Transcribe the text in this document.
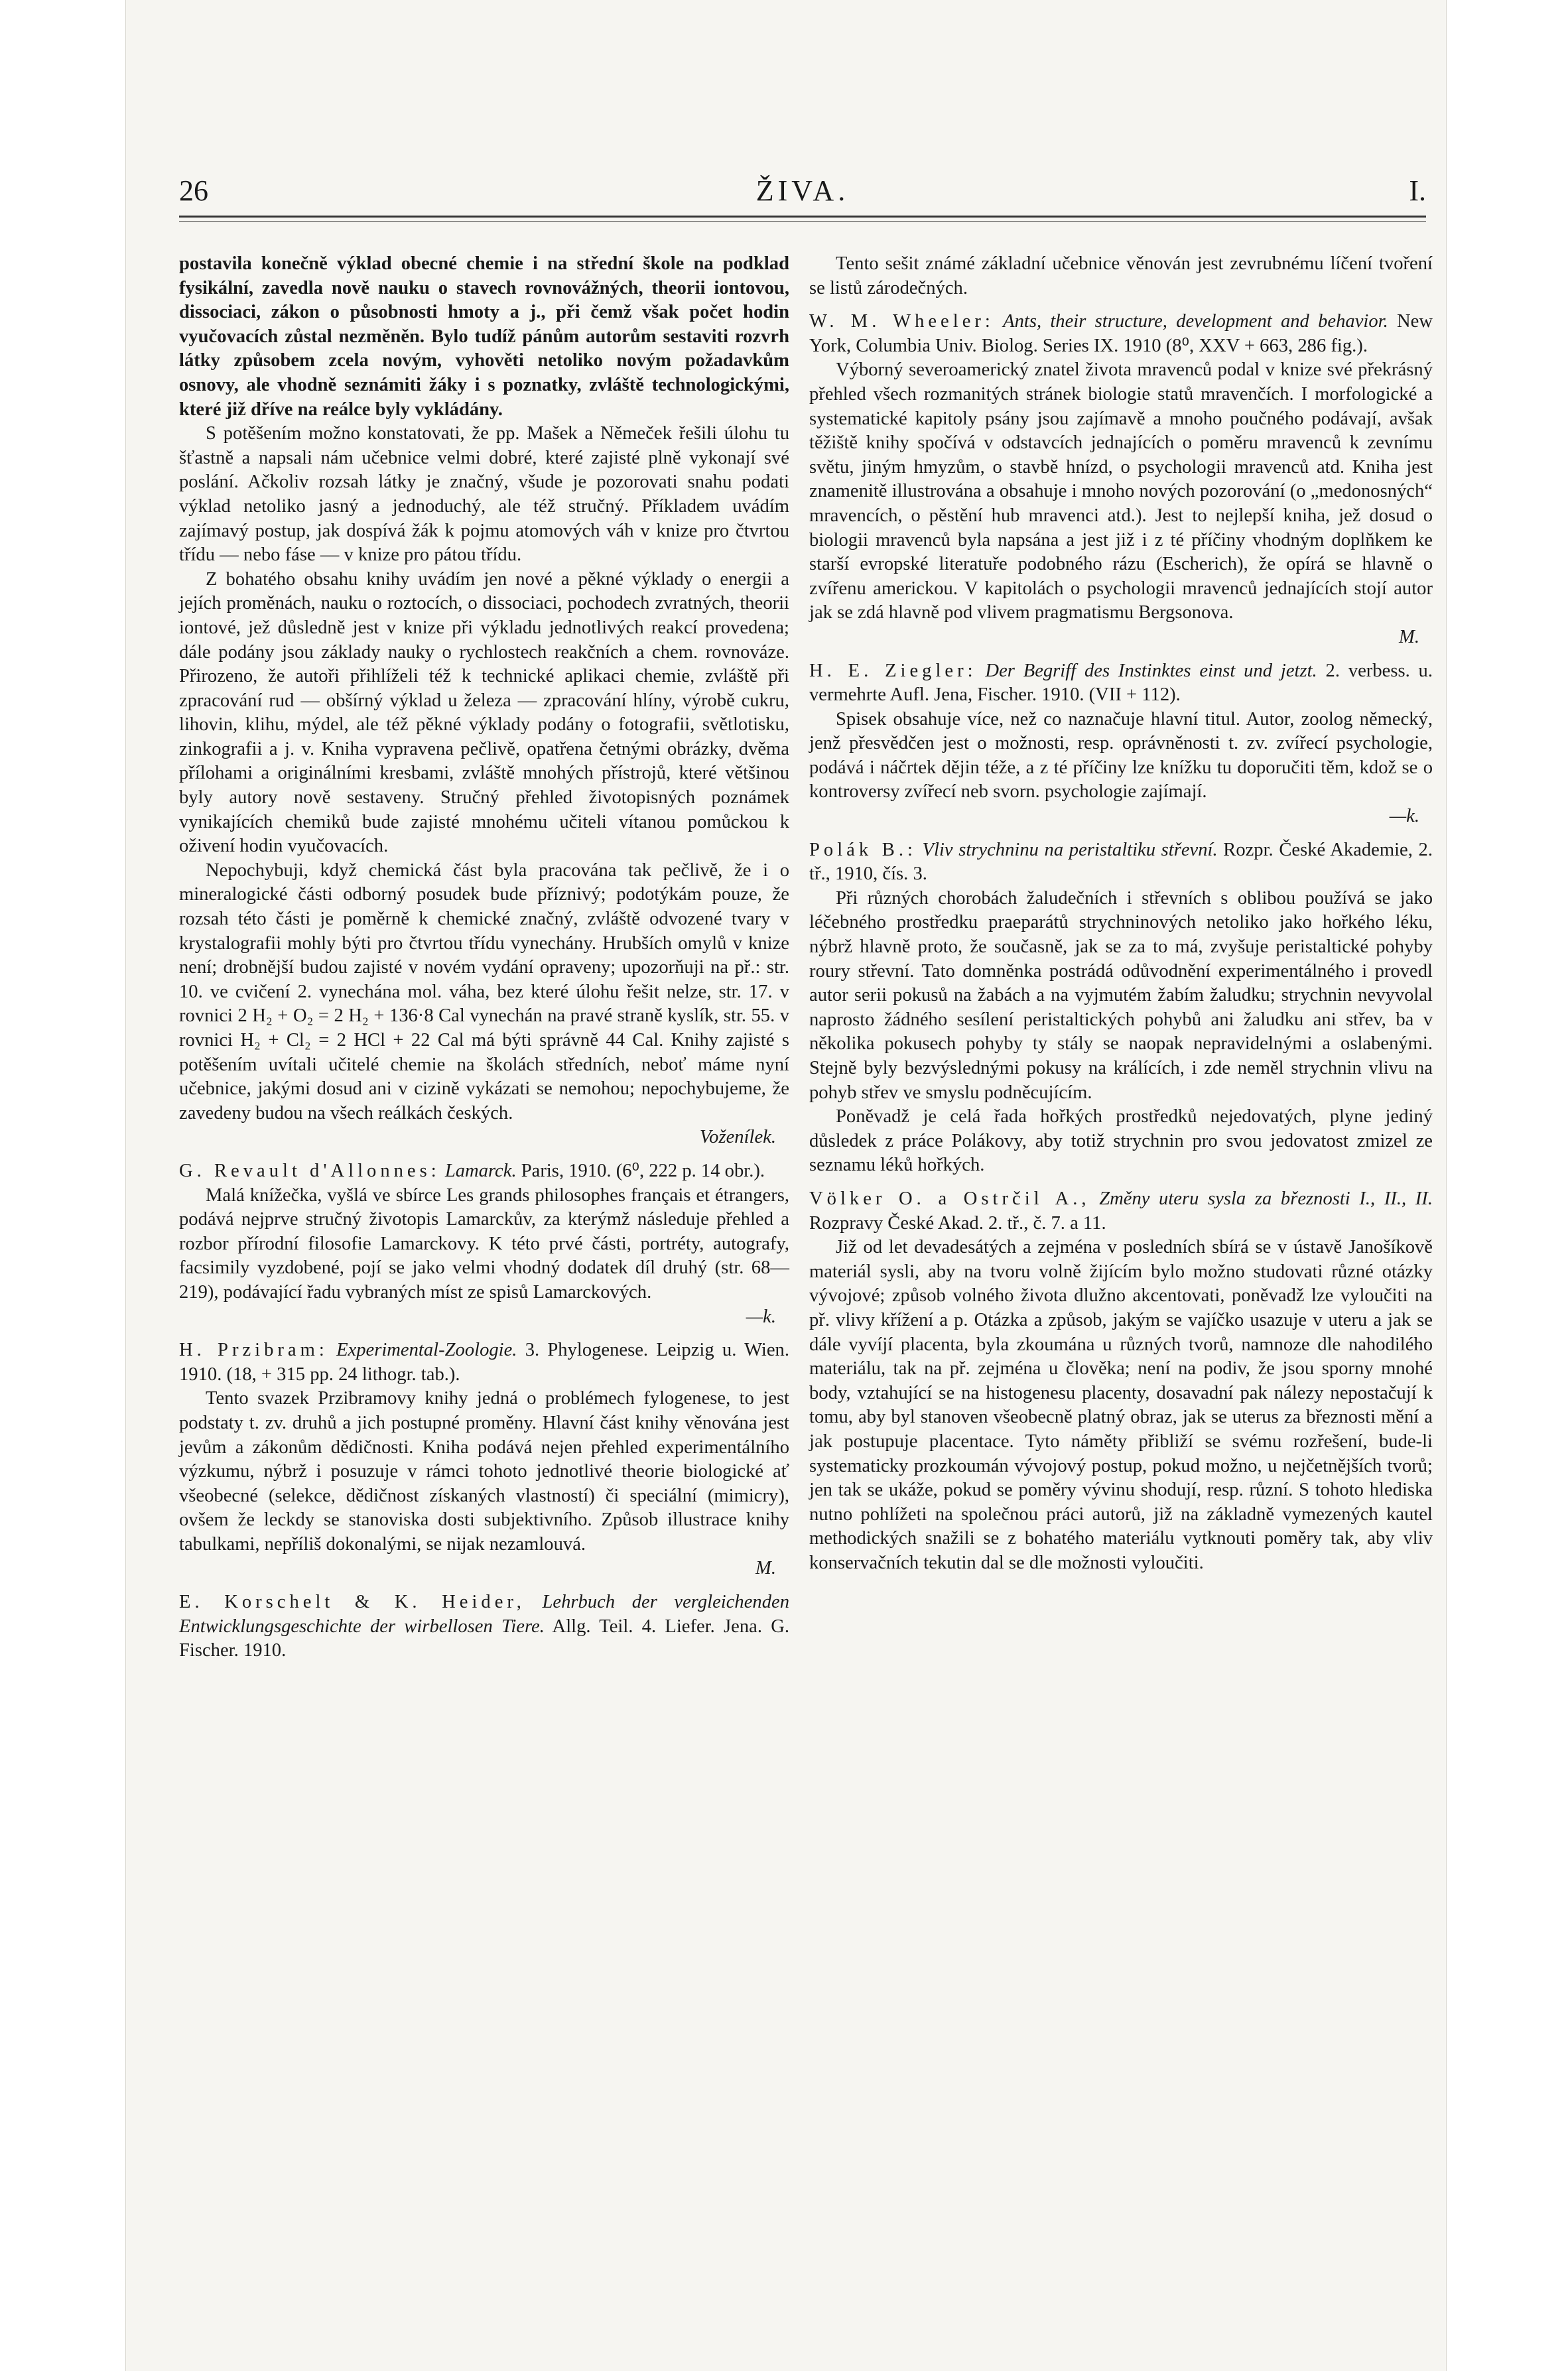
26	ŽIVA.	I.

postavila konečně výklad obecné chemie i na střední škole na podklad fysikální, zavedla nově nauku o stavech rovnovážných, theorii iontovou, dissociaci, zákon o působnosti hmoty a j., při čemž však počet hodin vyučovacích zůstal nezměněn. Bylo tudíž pánům autorům sestaviti rozvrh látky způsobem zcela novým, vyhověti netoliko novým požadavkům osnovy, ale vhodně seznámiti žáky i s poznatky, zvláště technologickými, které již dříve na reálce byly vykládány.

S potěšením možno konstatovati, že pp. Mašek a Němeček řešili úlohu tu šťastně a napsali nám učebnice velmi dobré, které zajisté plně vykonají své poslání. Ačkoliv rozsah látky je značný, všude je pozorovati snahu podati výklad netoliko jasný a jednoduchý, ale též stručný. Příkladem uvádím zajímavý postup, jak dospívá žák k pojmu atomových váh v knize pro čtvrtou třídu — nebo fáse — v knize pro pátou třídu.

Z bohatého obsahu knihy uvádím jen nové a pěkné výklady o energii a jejích proměnách, nauku o roztocích, o dissociaci, pochodech zvratných, theorii iontové, jež důsledně jest v knize při výkladu jednotlivých reakcí provedena; dále podány jsou základy nauky o rychlostech reakčních a chem. rovnováze. Přirozeno, že autoři přihlíželi též k technické aplikaci chemie, zvláště při zpracování rud — obšírný výklad u železa — zpracování hlíny, výrobě cukru, lihovin, klihu, mýdel, ale též pěkné výklady podány o fotografii, světlotisku, zinkografii a j. v. Kniha vypravena pečlivě, opatřena četnými obrázky, dvěma přílohami a originálními kresbami, zvláště mnohých přístrojů, které většinou byly autory nově sestaveny. Stručný přehled životopisných poznámek vynikajících chemiků bude zajisté mnohému učiteli vítanou pomůckou k oživení hodin vyučovacích.

Nepochybuji, když chemická část byla pracována tak pečlivě, že i o mineralogické části odborný posudek bude příznivý; podotýkám pouze, že rozsah této části je poměrně k chemické značný, zvláště odvozené tvary v krystalografii mohly býti pro čtvrtou třídu vynechány. Hrubších omylů v knize není; drobnější budou zajisté v novém vydání opraveny; upozorňuji na př.: str. 10. ve cvičení 2. vynechána mol. váha, bez které úlohu řešit nelze, str. 17. v rovnici 2 H₂ + O₂ = 2 H₂ + 136·8 Cal vynechán na pravé straně kyslík, str. 55. v rovnici H₂ + Cl₂ = 2 HCl + 22 Cal má býti správně 44 Cal. Knihy zajisté s potěšením uvítali učitelé chemie na školách středních, neboť máme nyní učebnice, jakými dosud ani v cizině vykázati se nemohou; nepochybujeme, že zavedeny budou na všech reálkách českých.

Voženílek.

G. Revault d'Allonnes: Lamarck. Paris, 1910. (6⁰, 222 p. 14 obr.).

Malá knížečka, vyšlá ve sbírce Les grands philosophes français et étrangers, podává nejprve stručný životopis Lamarckův, za kterýmž následuje přehled a rozbor přírodní filosofie Lamarckovy. K této prvé části, portréty, autografy, facsimily vyzdobené, pojí se jako velmi vhodný dodatek díl druhý (str. 68—219), podávající řadu vybraných míst ze spisů Lamarckových.

—k.

H. Przibram: Experimental-Zoologie. 3. Phylogenese. Leipzig u. Wien. 1910. (18, + 315 pp. 24 lithogr. tab.).

Tento svazek Przibramovy knihy jedná o problémech fylogenese, to jest podstaty t. zv. druhů a jich postupné proměny. Hlavní část knihy věnována jest jevům a zákonům dědičnosti. Kniha podává nejen přehled experimentálního výzkumu, nýbrž i posuzuje v rámci tohoto jednotlivé theorie biologické ať všeobecné (selekce, dědičnost získaných vlastností) či speciální (mimicry), ovšem že leckdy se stanoviska dosti subjektivního. Způsob illustrace knihy tabulkami, nepříliš dokonalými, se nijak nezamlouvá.

M.

E. Korschelt & K. Heider, Lehrbuch der vergleichenden Entwicklungsgeschichte der wirbellosen Tiere. Allg. Teil. 4. Liefer. Jena. G. Fischer. 1910.

Tento sešit známé základní učebnice věnován jest zevrubnému líčení tvoření se listů zárodečných.

W. M. Wheeler: Ants, their structure, development and behavior. New York, Columbia Univ. Biolog. Series IX. 1910 (8⁰, XXV + 663, 286 fig.).

Výborný severoamerický znatel života mravenců podal v knize své překrásný přehled všech rozmanitých stránek biologie statů mravenčích. I morfologické a systematické kapitoly psány jsou zajímavě a mnoho poučného podávají, avšak těžiště knihy spočívá v odstavcích jednajících o poměru mravenců k zevnímu světu, jiným hmyzům, o stavbě hnízd, o psychologii mravenců atd. Kniha jest znamenitě illustrována a obsahuje i mnoho nových pozorování (o „medonosných“ mravencích, o pěstění hub mravenci atd.). Jest to nejlepší kniha, jež dosud o biologii mravenců byla napsána a jest již i z té příčiny vhodným doplňkem ke starší evropské literatuře podobného rázu (Escherich), že opírá se hlavně o zvířenu americkou. V kapitolách o psychologii mravenců jednajících stojí autor jak se zdá hlavně pod vlivem pragmatismu Bergsonova.

M.

H. E. Ziegler: Der Begriff des Instinktes einst und jetzt. 2. verbess. u. vermehrte Aufl. Jena, Fischer. 1910. (VII + 112).

Spisek obsahuje více, než co naznačuje hlavní titul. Autor, zoolog německý, jenž přesvědčen jest o možnosti, resp. oprávněnosti t. zv. zvířecí psychologie, podává i náčrtek dějin téže, a z té příčiny lze knížku tu doporučiti těm, kdož se o kontroversy zvířecí neb svorn. psychologie zajímají.

—k.

Polák B.: Vliv strychninu na peristaltiku střevní. Rozpr. České Akademie, 2. tř., 1910, čís. 3.

Při různých chorobách žaludečních i střevních s oblibou používá se jako léčebného prostředku praeparátů strychninových netoliko jako hořkého léku, nýbrž hlavně proto, že současně, jak se za to má, zvyšuje peristaltické pohyby roury střevní. Tato domněnka postrádá odůvodnění experimentálného i provedl autor serii pokusů na žabách a na vyjmutém žabím žaludku; strychnin nevyvolal naprosto žádného sesílení peristaltických pohybů ani žaludku ani střev, ba v několika pokusech pohyby ty stály se naopak nepravidelnými a oslabenými. Stejně byly bezvýslednými pokusy na králících, i zde neměl strychnin vlivu na pohyb střev ve smyslu podněcujícím.

Poněvadž je celá řada hořkých prostředků nejedovatých, plyne jediný důsledek z práce Polákovy, aby totiž strychnin pro svou jedovatost zmizel ze seznamu léků hořkých.

Völker O. a Ostrčil A., Změny uteru sysla za březnosti I., II., II. Rozpravy České Akad. 2. tř., č. 7. a 11.

Již od let devadesátých a zejména v posledních sbírá se v ústavě Janošíkově materiál sysli, aby na tvoru volně žijícím bylo možno studovati různé otázky vývojové; způsob volného života dlužno akcentovati, poněvadž lze vyloučiti na př. vlivy křížení a p. Otázka a způsob, jakým se vajíčko usazuje v uteru a jak se dále vyvíjí placenta, byla zkoumána u různých tvorů, namnoze dle nahodilého materiálu, tak na př. zejména u člověka; není na podiv, že jsou sporny mnohé body, vztahující se na histogenesu placenty, dosavadní pak nálezy nepostačují k tomu, aby byl stanoven všeobecně platný obraz, jak se uterus za březnosti mění a jak postupuje placentace. Tyto náměty přibliží se svému rozřešení, bude-li systematicky prozkoumán vývojový postup, pokud možno, u nejčetnějších tvorů; jen tak se ukáže, pokud se poměry vývinu shodují, resp. různí. S tohoto hlediska nutno pohlížeti na společnou práci autorů, již na základně vymezených kautel methodických snažili se z bohatého materiálu vytknouti poměry tak, aby vliv konservačních tekutin dal se dle možnosti vyloučiti.
